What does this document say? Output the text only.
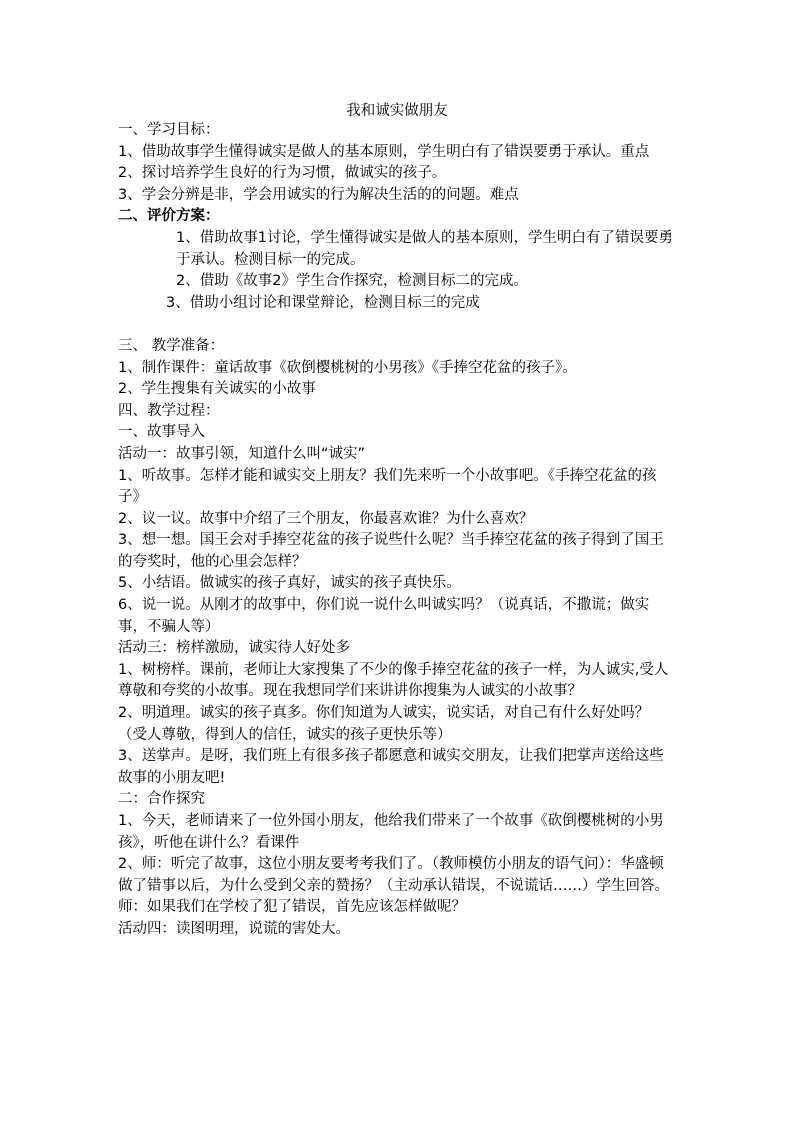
我和诚实做朋友

一、学习目标：

1、借助故事学生懂得诚实是做人的基本原则，学生明白有了错误要勇于承认。重点

2、探讨培养学生良好的行为习惯，做诚实的孩子。

3、学会分辨是非，学会用诚实的行为解决生活的的问题。难点

二、评价方案：

1、借助故事1讨论，学生懂得诚实是做人的基本原则，学生明白有了错误要勇于承认。检测目标一的完成。

2、借助《故事2》学生合作探究，检测目标二的完成。

3、借助小组讨论和课堂辩论，检测目标三的完成

三、 教学准备：

1、制作课件：童话故事《砍倒樱桃树的小男孩》《手捧空花盆的孩子》。

2、学生搜集有关诚实的小故事

四、教学过程：

一、故事导入

活动一：故事引领，知道什么叫“诚实”

1、听故事。怎样才能和诚实交上朋友？我们先来听一个小故事吧。《手捧空花盆的孩子》

2、议一议。故事中介绍了三个朋友，你最喜欢谁？为什么喜欢？

3、想一想。国王会对手捧空花盆的孩子说些什么呢？当手捧空花盆的孩子得到了国王的夸奖时，他的心里会怎样？

5、小结语。做诚实的孩子真好，诚实的孩子真快乐。

6、说一说。从刚才的故事中，你们说一说什么叫诚实吗？（说真话，不撒谎；做实事，不骗人等）

活动三：榜样激励，诚实待人好处多

1、树榜样。课前，老师让大家搜集了不少的像手捧空花盆的孩子一样，为人诚实,受人尊敬和夸奖的小故事。现在我想同学们来讲讲你搜集为人诚实的小故事？

2、明道理。诚实的孩子真多。你们知道为人诚实，说实话，对自己有什么好处吗？（受人尊敬，得到人的信任，诚实的孩子更快乐等）

3、送掌声。是呀，我们班上有很多孩子都愿意和诚实交朋友，让我们把掌声送给这些故事的小朋友吧!

二：合作探究

1、今天，老师请来了一位外国小朋友，他给我们带来了一个故事《砍倒樱桃树的小男孩》，听他在讲什么？看课件

2、师：听完了故事，这位小朋友要考考我们了。（教师模仿小朋友的语气问）：华盛顿做了错事以后，为什么受到父亲的赞扬？（主动承认错误，不说谎话……）学生回答。师：如果我们在学校了犯了错误，首先应该怎样做呢？

活动四：读图明理，说谎的害处大。
